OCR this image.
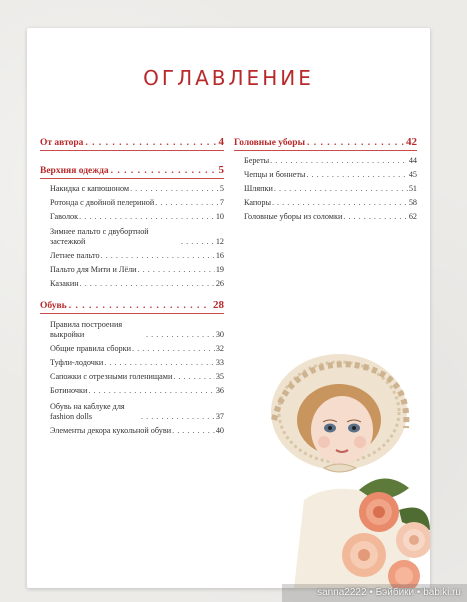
ОГЛАВЛЕНИЕ
От автора . . .	4
Верхняя одежда . . .	5
Накидка с капюшоном . . .	5
Ротонда с двойной пелериной . . .	7
Гаволок . . .	10
Зимнее пальто с двубортной застежкой . . .	12
Летнее пальто . . .	16
Пальто для Мити и Лёли . . .	19
Казакин . . .	26
Обувь . . .	28
Правила построения выкройки . . .	30
Общие правила сборки . . .	32
Туфли-лодочки . . .	33
Сапожки с отрезными голенищами . . .	35
Ботиночки . . .	36
Обувь на каблуке для fashion dolls . . .	37
Элементы декора кукольной обуви . . .	40
Головные уборы . . .	42
Береты . . .	44
Чепцы и боннеты . . .	45
Шляпки . . .	51
Капоры . . .	58
Головные уборы из соломки . . .	62
sanna2222 • Бэйбики • babiki.ru
